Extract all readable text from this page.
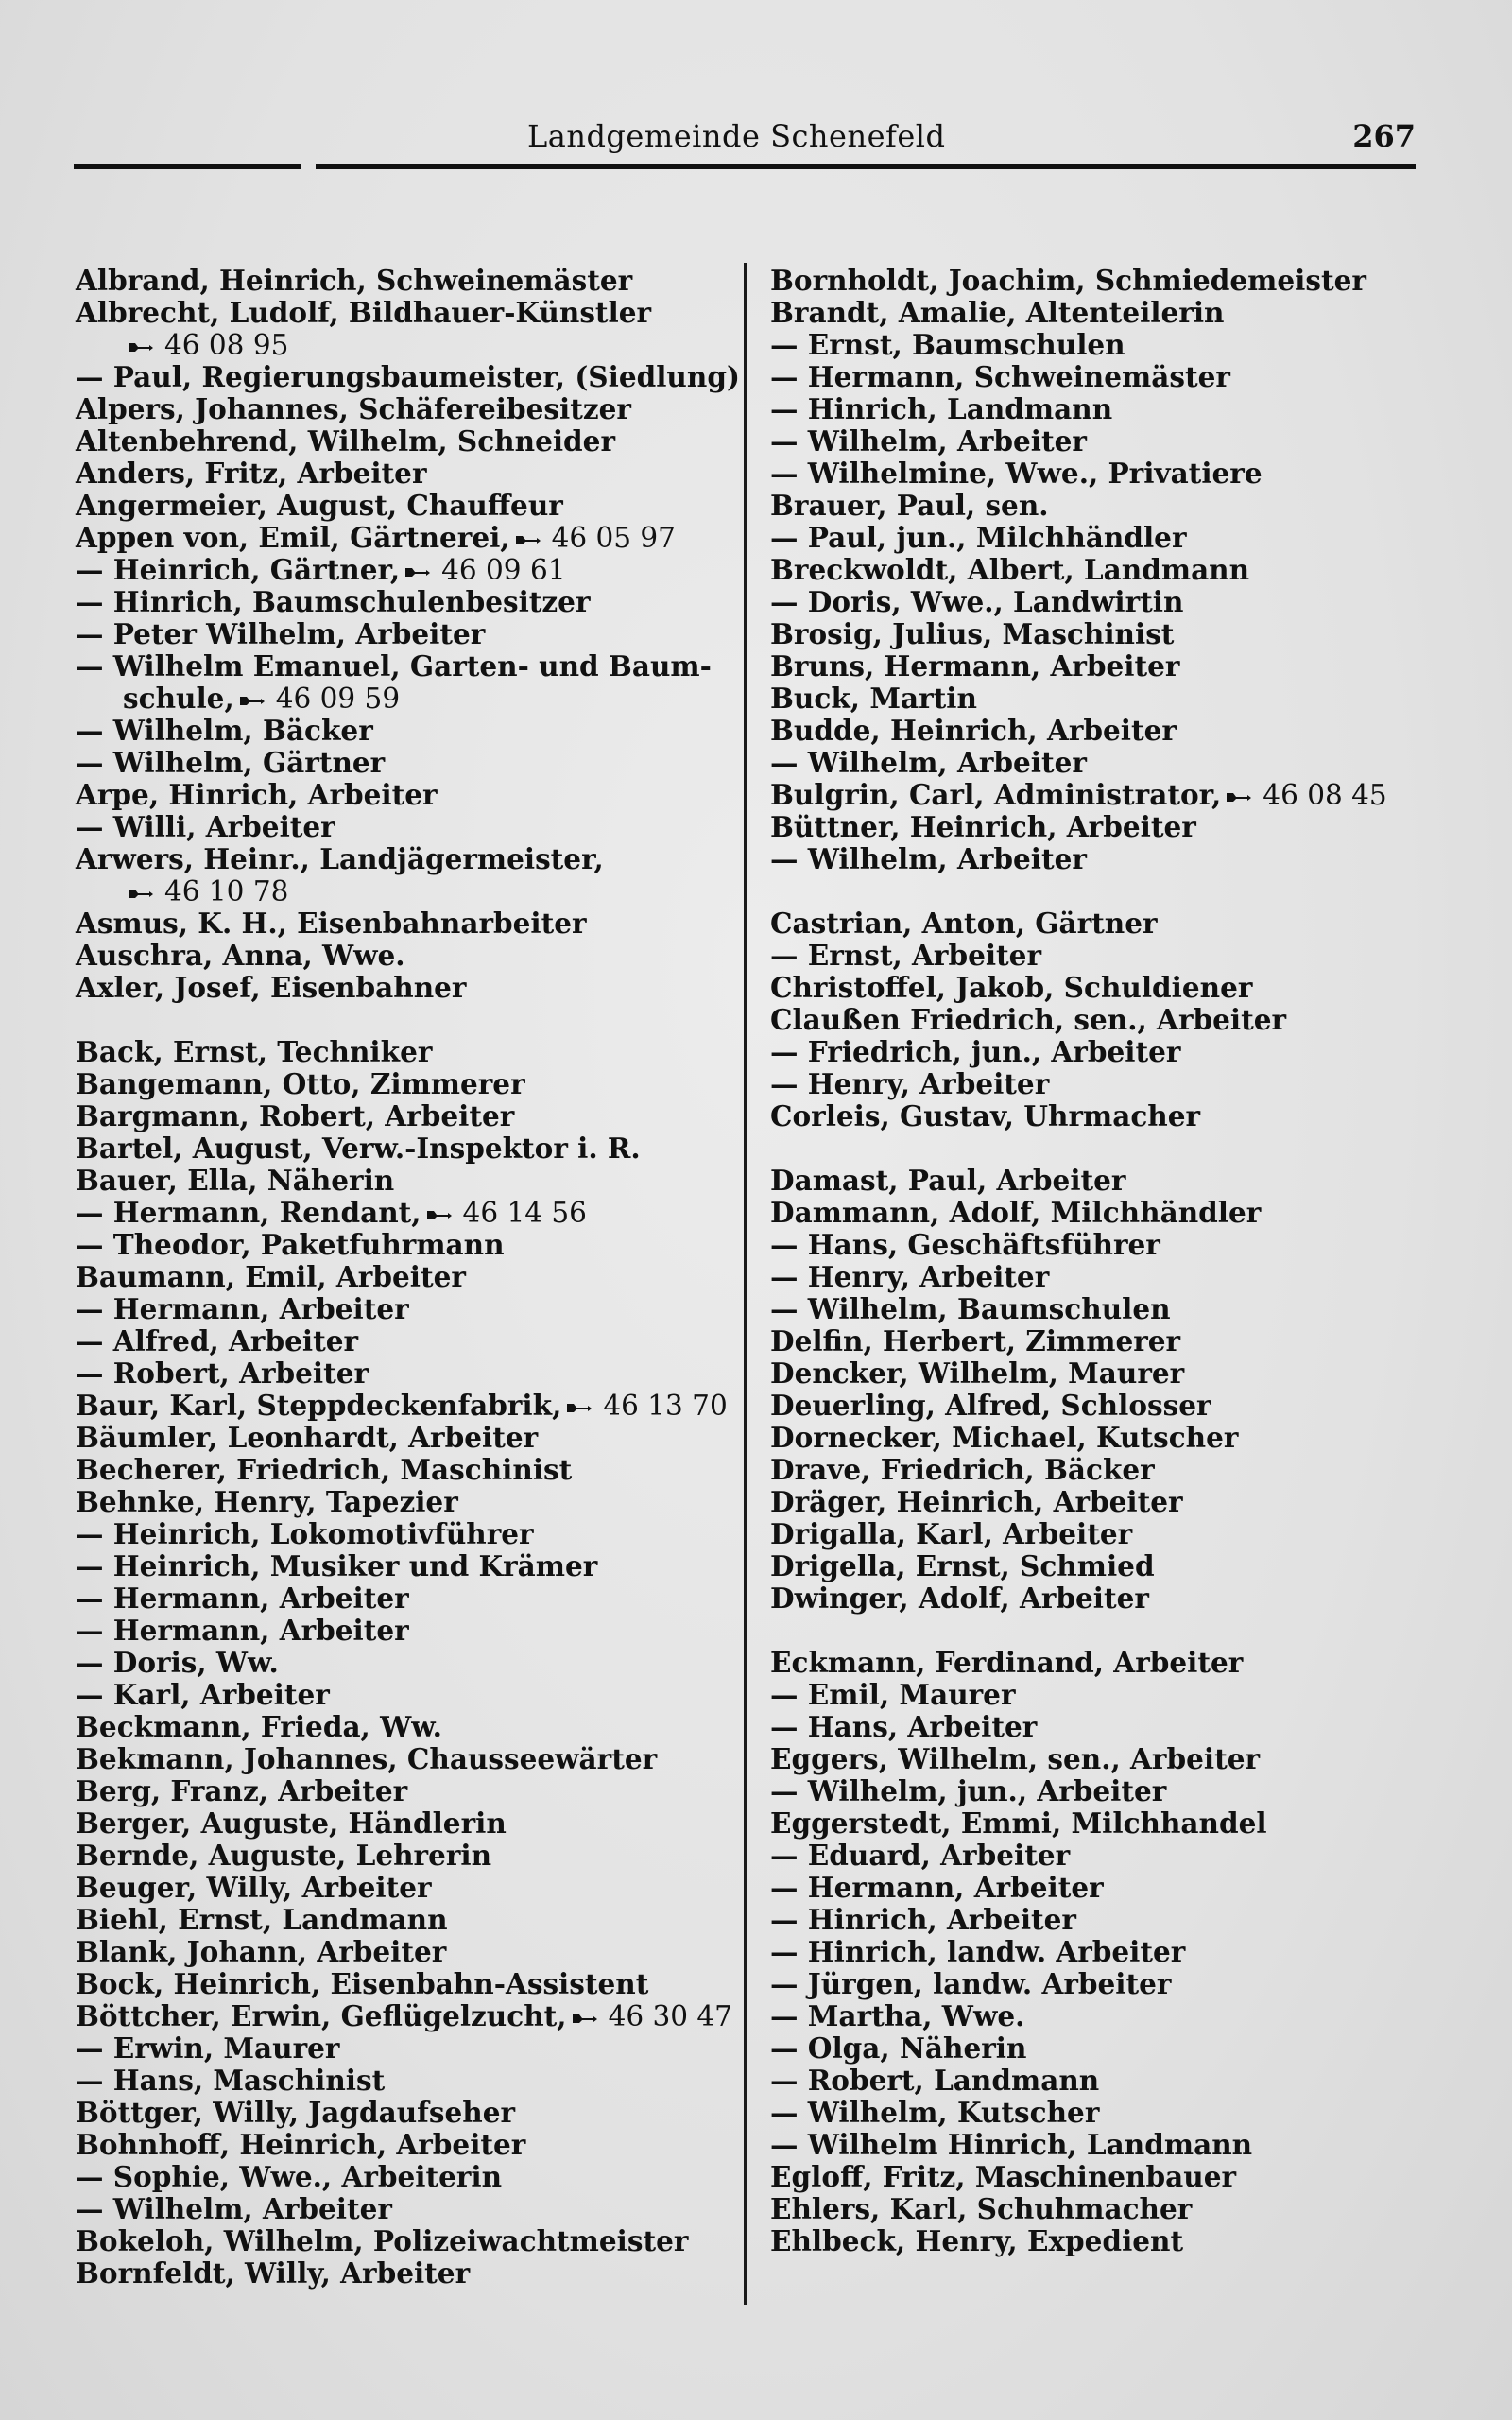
Landgemeinde Schenefeld	267
Albrand, Heinrich, Schweinemäster
Albrecht, Ludolf, Bildhauer-Künstler
46 08 95
— Paul, Regierungsbaumeister, (Siedlung)
Alpers, Johannes, Schäfereibesitzer
Altenbehrend, Wilhelm, Schneider
Anders, Fritz, Arbeiter
Angermeier, August, Chauffeur
Appen von, Emil, Gärtnerei, 46 05 97
— Heinrich, Gärtner, 46 09 61
— Hinrich, Baumschulenbesitzer
— Peter Wilhelm, Arbeiter
— Wilhelm Emanuel, Garten- und Baum-
schule, 46 09 59
— Wilhelm, Bäcker
— Wilhelm, Gärtner
Arpe, Hinrich, Arbeiter
— Willi, Arbeiter
Arwers, Heinr., Landjägermeister,
46 10 78
Asmus, K. H., Eisenbahnarbeiter
Auschra, Anna, Wwe.
Axler, Josef, Eisenbahner
Back, Ernst, Techniker
Bangemann, Otto, Zimmerer
Bargmann, Robert, Arbeiter
Bartel, August, Verw.-Inspektor i. R.
Bauer, Ella, Näherin
— Hermann, Rendant, 46 14 56
— Theodor, Paketfuhrmann
Baumann, Emil, Arbeiter
— Hermann, Arbeiter
— Alfred, Arbeiter
— Robert, Arbeiter
Baur, Karl, Steppdeckenfabrik, 46 13 70
Bäumler, Leonhardt, Arbeiter
Becherer, Friedrich, Maschinist
Behnke, Henry, Tapezier
— Heinrich, Lokomotivführer
— Heinrich, Musiker und Krämer
— Hermann, Arbeiter
— Hermann, Arbeiter
— Doris, Ww.
— Karl, Arbeiter
Beckmann, Frieda, Ww.
Bekmann, Johannes, Chausseewärter
Berg, Franz, Arbeiter
Berger, Auguste, Händlerin
Bernde, Auguste, Lehrerin
Beuger, Willy, Arbeiter
Biehl, Ernst, Landmann
Blank, Johann, Arbeiter
Bock, Heinrich, Eisenbahn-Assistent
Böttcher, Erwin, Geflügelzucht, 46 30 47
— Erwin, Maurer
— Hans, Maschinist
Böttger, Willy, Jagdaufseher
Bohnhoff, Heinrich, Arbeiter
— Sophie, Wwe., Arbeiterin
— Wilhelm, Arbeiter
Bokeloh, Wilhelm, Polizeiwachtmeister
Bornfeldt, Willy, Arbeiter
Bornholdt, Joachim, Schmiedemeister
Brandt, Amalie, Altenteilerin
— Ernst, Baumschulen
— Hermann, Schweinemäster
— Hinrich, Landmann
— Wilhelm, Arbeiter
— Wilhelmine, Wwe., Privatiere
Brauer, Paul, sen.
— Paul, jun., Milchhändler
Breckwoldt, Albert, Landmann
— Doris, Wwe., Landwirtin
Brosig, Julius, Maschinist
Bruns, Hermann, Arbeiter
Buck, Martin
Budde, Heinrich, Arbeiter
— Wilhelm, Arbeiter
Bulgrin, Carl, Administrator, 46 08 45
Büttner, Heinrich, Arbeiter
— Wilhelm, Arbeiter
Castrian, Anton, Gärtner
— Ernst, Arbeiter
Christoffel, Jakob, Schuldiener
Claußen Friedrich, sen., Arbeiter
— Friedrich, jun., Arbeiter
— Henry, Arbeiter
Corleis, Gustav, Uhrmacher
Damast, Paul, Arbeiter
Dammann, Adolf, Milchhändler
— Hans, Geschäftsführer
— Henry, Arbeiter
— Wilhelm, Baumschulen
Delfin, Herbert, Zimmerer
Dencker, Wilhelm, Maurer
Deuerling, Alfred, Schlosser
Dornecker, Michael, Kutscher
Drave, Friedrich, Bäcker
Dräger, Heinrich, Arbeiter
Drigalla, Karl, Arbeiter
Drigella, Ernst, Schmied
Dwinger, Adolf, Arbeiter
Eckmann, Ferdinand, Arbeiter
— Emil, Maurer
— Hans, Arbeiter
Eggers, Wilhelm, sen., Arbeiter
— Wilhelm, jun., Arbeiter
Eggerstedt, Emmi, Milchhandel
— Eduard, Arbeiter
— Hermann, Arbeiter
— Hinrich, Arbeiter
— Hinrich, landw. Arbeiter
— Jürgen, landw. Arbeiter
— Martha, Wwe.
— Olga, Näherin
— Robert, Landmann
— Wilhelm, Kutscher
— Wilhelm Hinrich, Landmann
Egloff, Fritz, Maschinenbauer
Ehlers, Karl, Schuhmacher
Ehlbeck, Henry, Expedient
